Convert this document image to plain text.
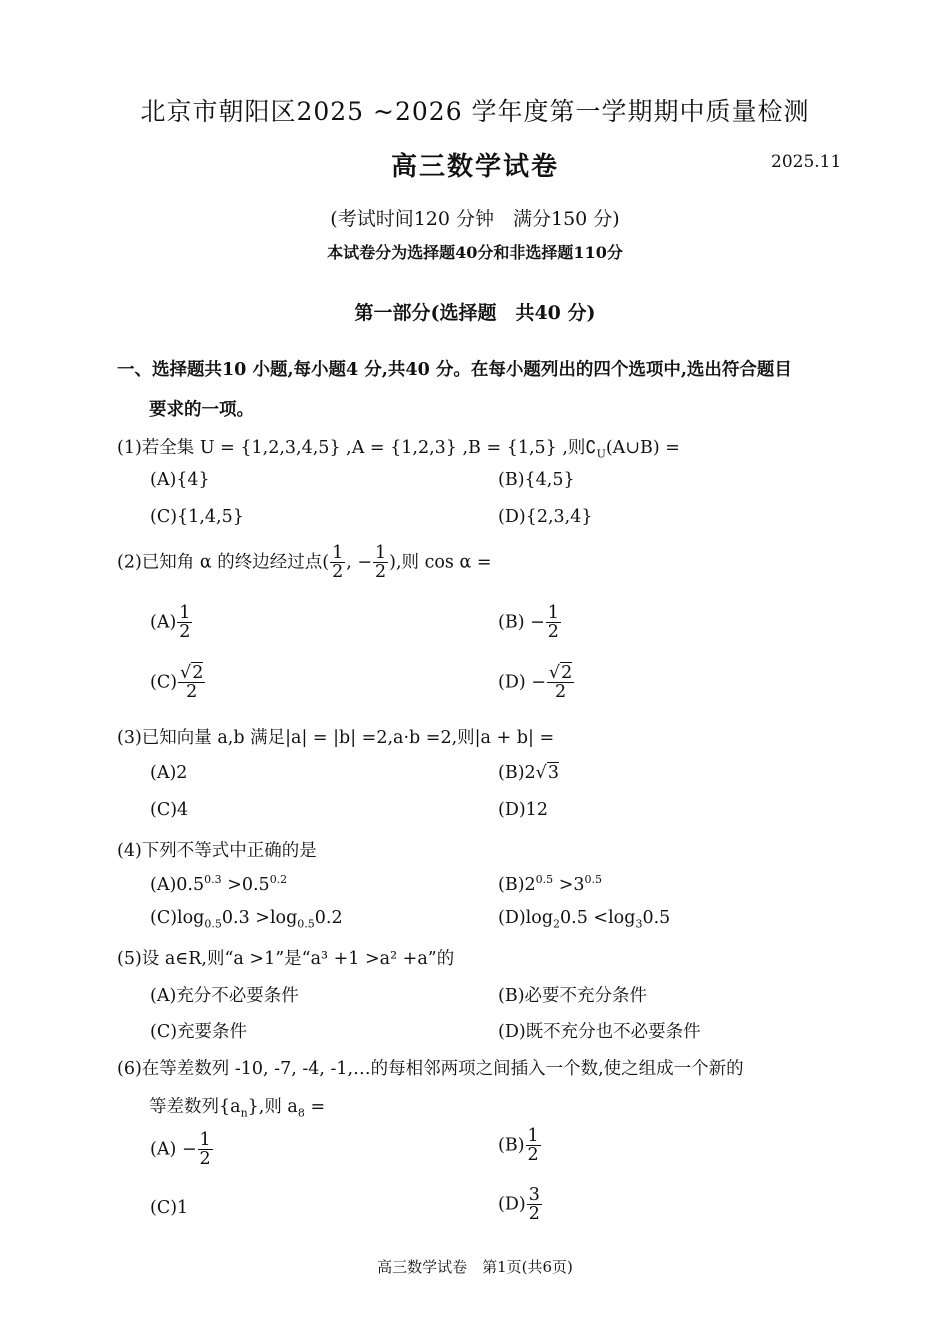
北京市朝阳区2025 ~2026 学年度第一学期期中质量检测
高三数学试卷	2025.11
(考试时间120 分钟　满分150 分)
本试卷分为选择题40分和非选择题110分
第一部分(选择题　共40 分)
一、选择题共10 小题,每小题4 分,共40 分。在每小题列出的四个选项中,选出符合题目
要求的一项。
(1)若全集 U = {1,2,3,4,5} ,A = {1,2,3} ,B = {1,5} ,则$∁_U(A\cup B)$ =
(A){4}	(B){4,5}
(C){1,4,5}	(D){2,3,4}
(2)已知角 α 的终边经过点( $\frac{1}{2}$ , − $\frac{1}{2}$ ),则 cos α =
$(A) \frac{1}{2}$	$(B) - \frac{1}{2}$
$(C) \frac{√2}{2}$	$(D) - \frac{√2}{2}$
(3)已知向量 a,b 满足|a| = |b| =2,a·b =2,则|a + b| =
(A)2	(B)2√3
(C)4	(D)12
(4)下列不等式中正确的是
$(A)0.5^{0.3} >0.5^{0.2}$	$(B)2^{0.5} >3^{0.5}$
$(C)\log_{0.5}0.3 >\log_{0.5}0.2$	$(D)\log_20.5 <\log_30.5$
(5)设 a∈R,则“a >1”是“a³ +1 >a² +a”的
(A)充分不必要条件	(B)必要不充分条件
(C)充要条件	(D)既不充分也不必要条件
(6)在等差数列 -10, -7, -4, -1,…的每相邻两项之间插入一个数,使之组成一个新的
等差数列$\{a_n\}$,则 $a_8$ =
$(A) - \frac{1}{2}$	$(B) \frac{1}{2}$
(C)1	$(D) \frac{3}{2}$
高三数学试卷　第1页(共6页)
